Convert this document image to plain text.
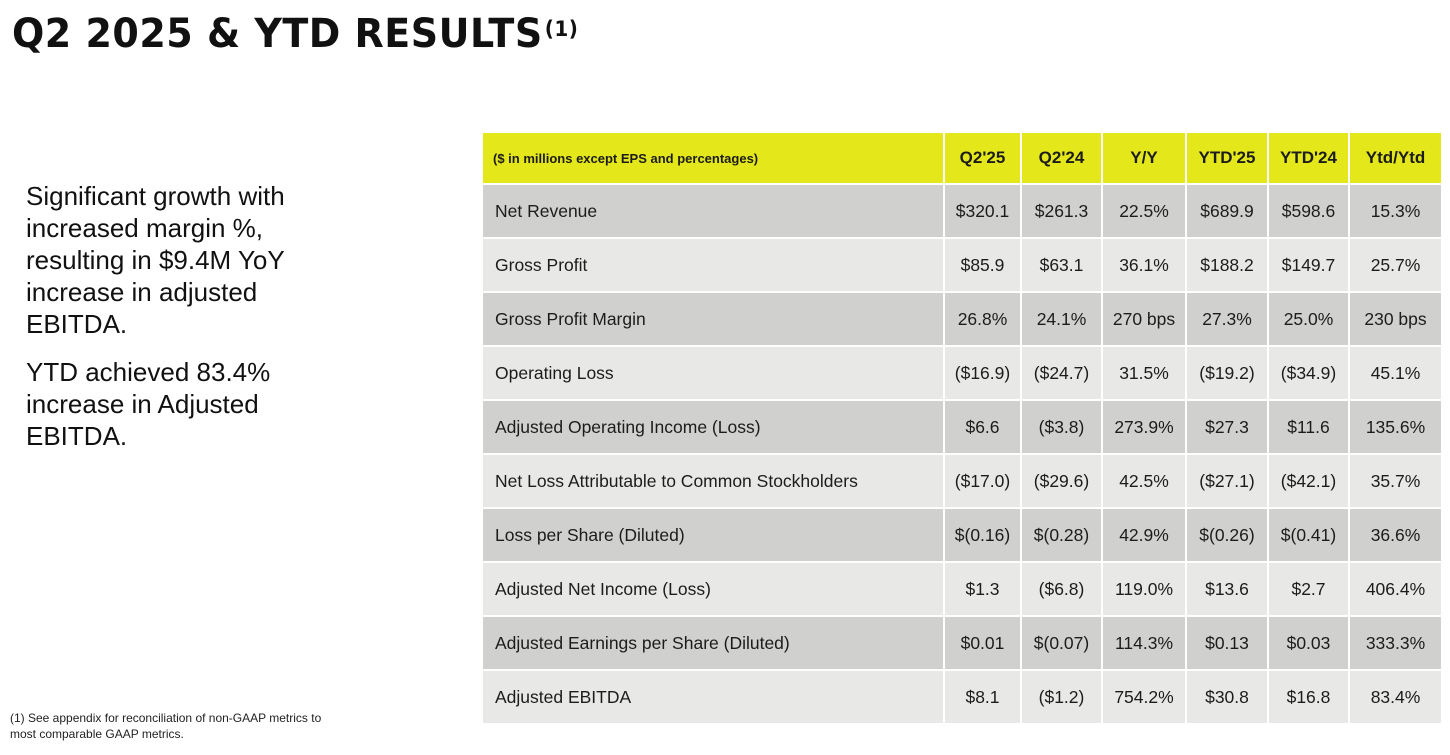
Q2 2025 & YTD RESULTS $^{(1)}$

Significant growth with increased margin %, resulting in $9.4M YoY increase in adjusted EBITDA.

YTD achieved 83.4% increase in Adjusted EBITDA.

(1) See appendix for reconciliation of non-GAAP metrics to most comparable GAAP metrics.
($ in millions except EPS and percentages)	Q2'25	Q2'24	Y/Y	YTD'25	YTD'24	Ytd/Ytd
Net Revenue	$320.1	$261.3	22.5%	$689.9	$598.6	15.3%
Gross Profit	$85.9	$63.1	36.1%	$188.2	$149.7	25.7%
Gross Profit Margin	26.8%	24.1%	270 bps	27.3%	25.0%	230 bps
Operating Loss	($16.9)	($24.7)	31.5%	($19.2)	($34.9)	45.1%
Adjusted Operating Income (Loss)	$6.6	($3.8)	273.9%	$27.3	$11.6	135.6%
Net Loss Attributable to Common Stockholders	($17.0)	($29.6)	42.5%	($27.1)	($42.1)	35.7%
Loss per Share (Diluted)	$(0.16)	$(0.28)	42.9%	$(0.26)	$(0.41)	36.6%
Adjusted Net Income (Loss)	$1.3	($6.8)	119.0%	$13.6	$2.7	406.4%
Adjusted Earnings per Share (Diluted)	$0.01	$(0.07)	114.3%	$0.13	$0.03	333.3%
Adjusted EBITDA	$8.1	($1.2)	754.2%	$30.8	$16.8	83.4%
